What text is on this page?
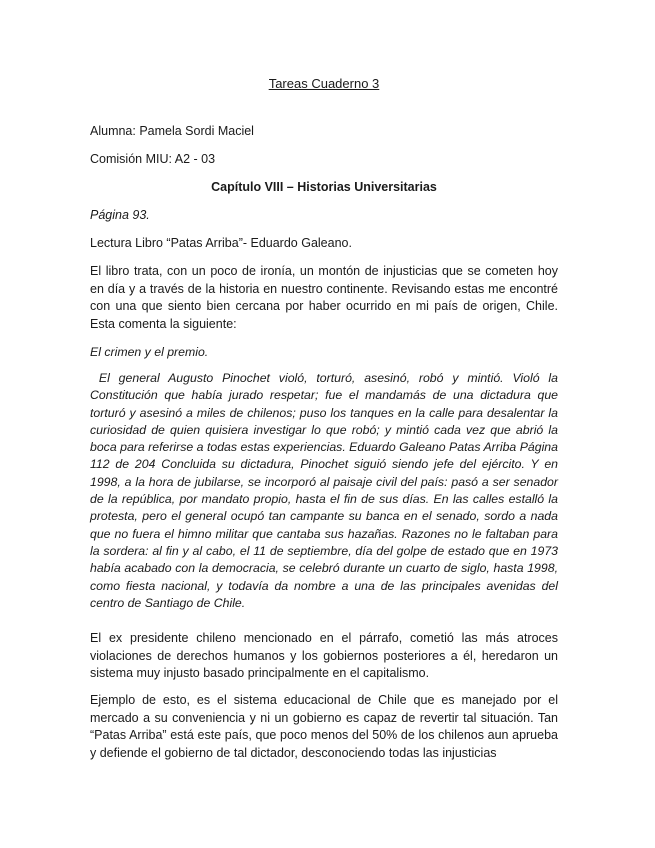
Tareas Cuaderno 3
Alumna: Pamela Sordi Maciel
Comisión MIU: A2 - 03
Capítulo VIII – Historias Universitarias
Página 93.
Lectura Libro “Patas Arriba”- Eduardo Galeano.
El libro trata, con un poco de ironía, un montón de injusticias que se cometen hoy en día y a través de la historia en nuestro continente. Revisando estas me encontré con una que siento bien cercana por haber ocurrido en mi país de origen, Chile. Esta comenta la siguiente:
El crimen y el premio.
El general Augusto Pinochet violó, torturó, asesinó, robó y mintió. Violó la Constitución que había jurado respetar; fue el mandamás de una dictadura que torturó y asesinó a miles de chilenos; puso los tanques en la calle para desalentar la curiosidad de quien quisiera investigar lo que robó; y mintió cada vez que abrió la boca para referirse a todas estas experiencias. Eduardo Galeano Patas Arriba Página 112 de 204 Concluida su dictadura, Pinochet siguió siendo jefe del ejército. Y en 1998, a la hora de jubilarse, se incorporó al paisaje civil del país: pasó a ser senador de la república, por mandato propio, hasta el fin de sus días. En las calles estalló la protesta, pero el general ocupó tan campante su banca en el senado, sordo a nada que no fuera el himno militar que cantaba sus hazañas. Razones no le faltaban para la sordera: al fin y al cabo, el 11 de septiembre, día del golpe de estado que en 1973 había acabado con la democracia, se celebró durante un cuarto de siglo, hasta 1998, como fiesta nacional, y todavía da nombre a una de las principales avenidas del centro de Santiago de Chile.
El ex presidente chileno mencionado en el párrafo, cometió las más atroces violaciones de derechos humanos y los gobiernos posteriores a él, heredaron un sistema muy injusto basado principalmente en el capitalismo.
Ejemplo de esto, es el sistema educacional de Chile que es manejado por el mercado a su conveniencia y ni un gobierno es capaz de revertir tal situación. Tan “Patas Arriba” está este país, que poco menos del 50% de los chilenos aun aprueba y defiende el gobierno de tal dictador, desconociendo todas las injusticias
